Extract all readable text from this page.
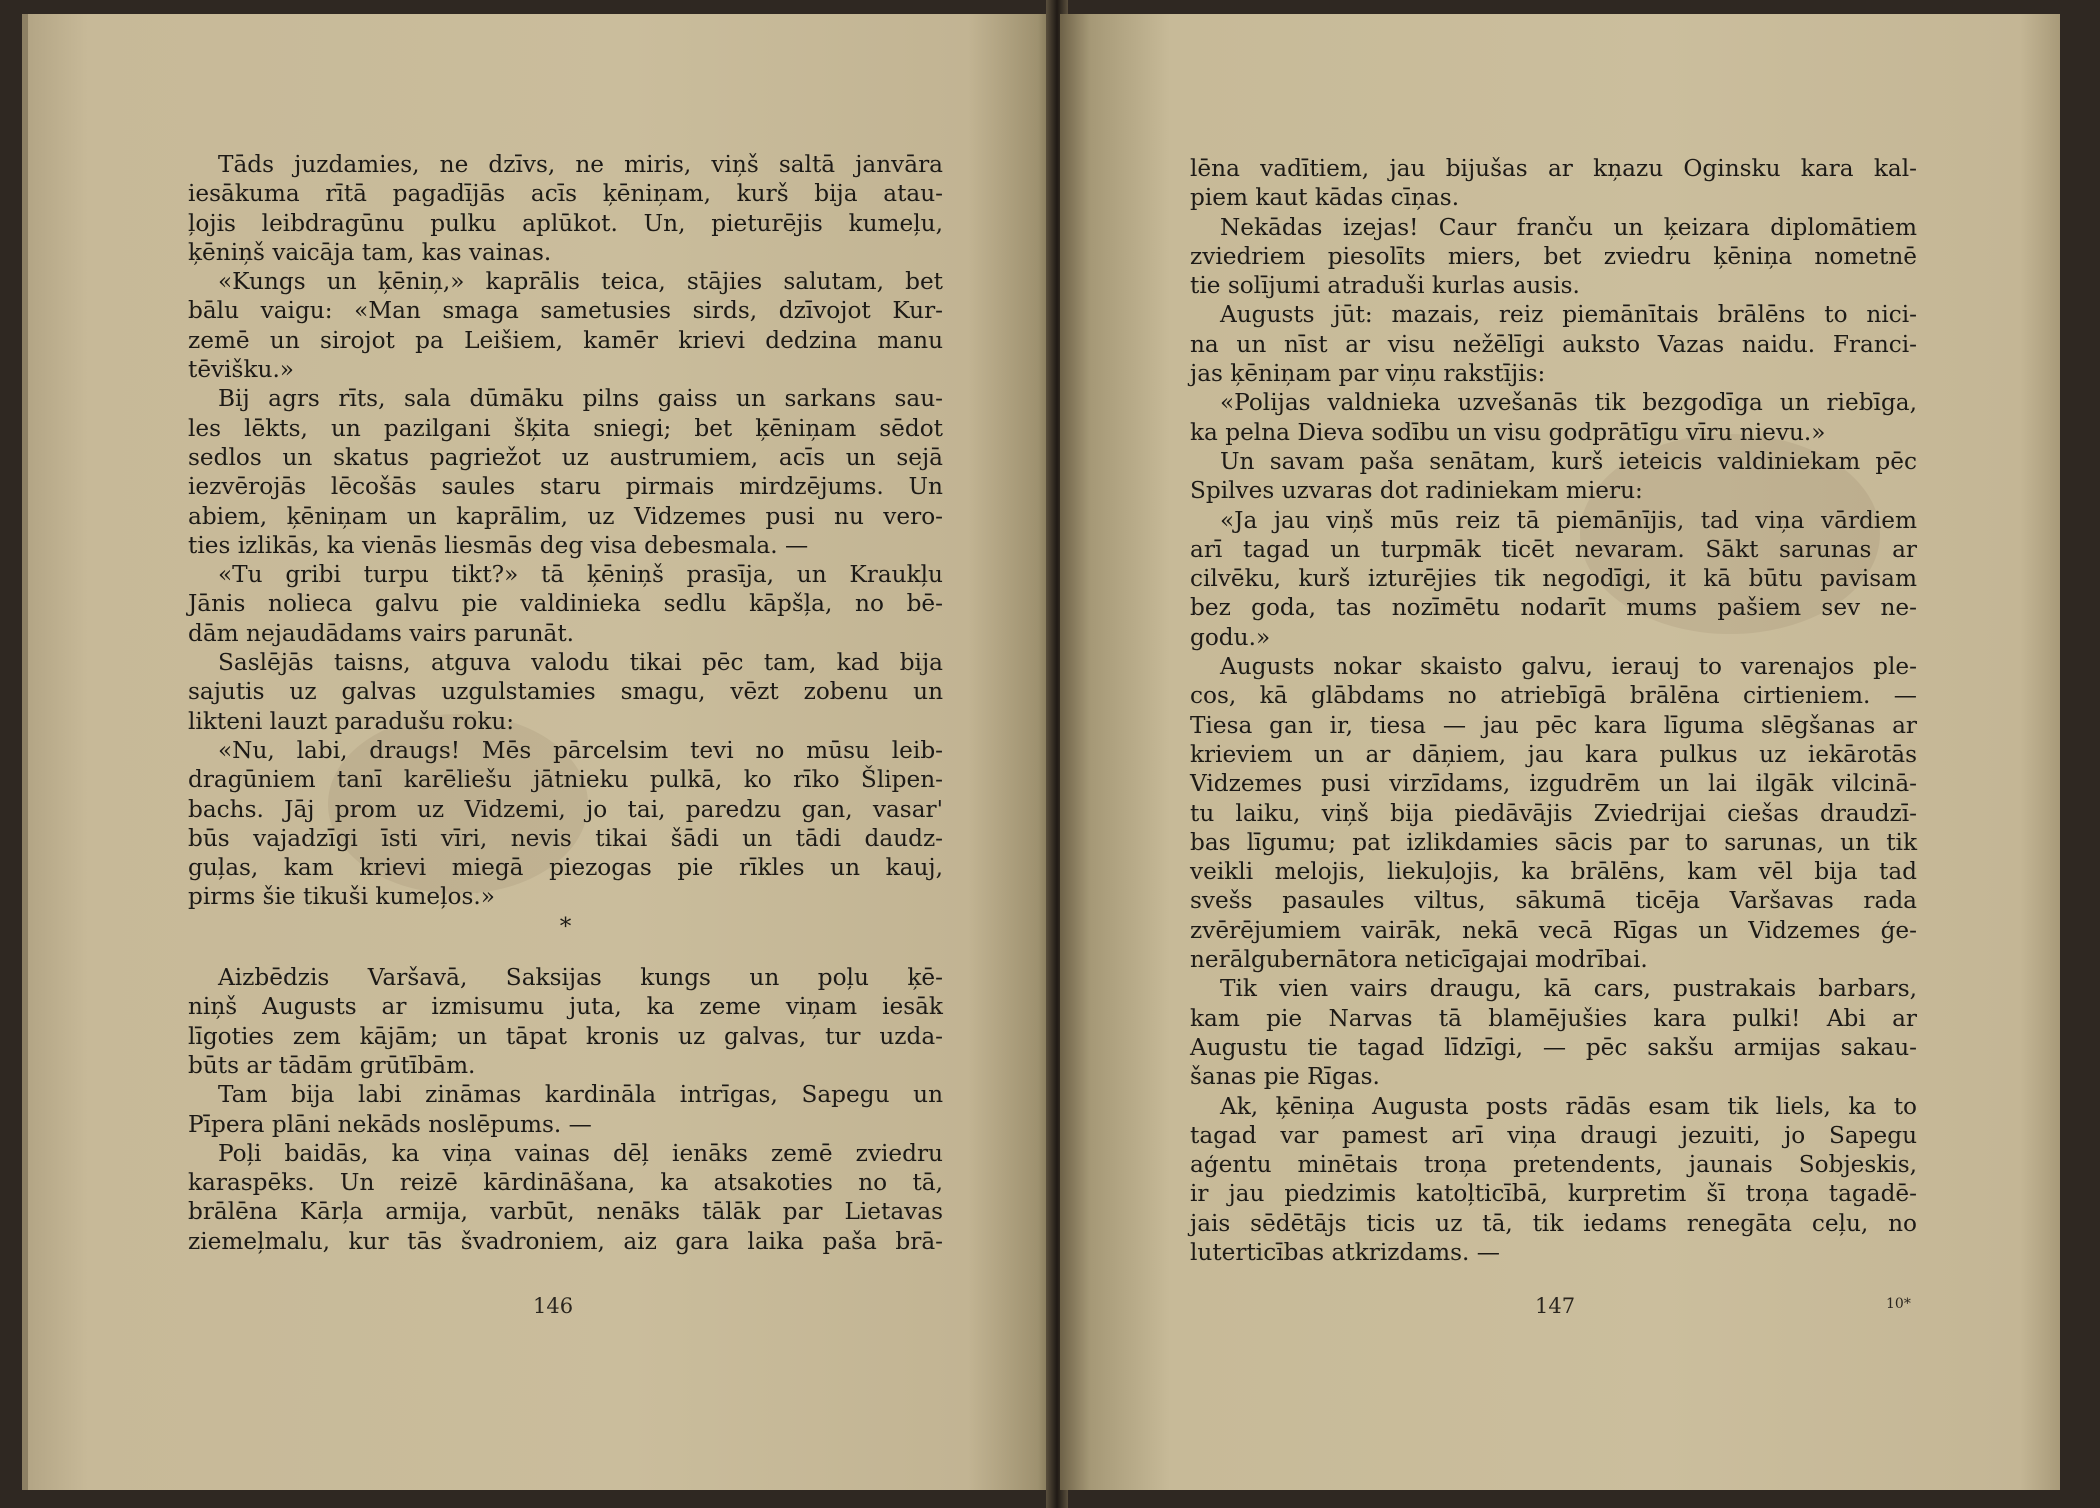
Tāds juzdamies, ne dzīvs, ne miris, viņš saltā janvāra
iesākuma rītā pagadījās acīs ķēniņam, kurš bija atau-
ļojis leibdragūnu pulku aplūkot. Un, pieturējis kumeļu,
ķēniņš vaicāja tam, kas vainas.
«Kungs un ķēniņ,» kaprālis teica, stājies salutam, bet
bālu vaigu: «Man smaga sametusies sirds, dzīvojot Kur-
zemē un sirojot pa Leišiem, kamēr krievi dedzina manu
tēvišku.»
Bij agrs rīts, sala dūmāku pilns gaiss un sarkans sau-
les lēkts, un pazilgani šķita sniegi; bet ķēniņam sēdot
sedlos un skatus pagriežot uz austrumiem, acīs un sejā
iezvērojās lēcošās saules staru pirmais mirdzējums. Un
abiem, ķēniņam un kaprālim, uz Vidzemes pusi nu vero-
ties izlikās, ka vienās liesmās deg visa debesmala. —
«Tu gribi turpu tikt?» tā ķēniņš prasīja, un Kraukļu
Jānis nolieca galvu pie valdinieka sedlu kāpšļa, no bē-
dām nejaudādams vairs parunāt.
Saslējās taisns, atguva valodu tikai pēc tam, kad bija
sajutis uz galvas uzgulstamies smagu, vēzt zobenu un
likteni lauzt paradušu roku:
«Nu, labi, draugs! Mēs pārcelsim tevi no mūsu leib-
dragūniem tanī karēliešu jātnieku pulkā, ko rīko Šlipen-
bachs. Jāj prom uz Vidzemi, jo tai, paredzu gan, vasar'
būs vajadzīgi īsti vīri, nevis tikai šādi un tādi daudz-
guļas, kam krievi miegā piezogas pie rīkles un kauj,
pirms šie tikuši kumeļos.»
*
Aizbēdzis Varšavā, Saksijas kungs un poļu ķē-
niņš Augusts ar izmisumu juta, ka zeme viņam iesāk
līgoties zem kājām; un tāpat kronis uz galvas, tur uzda-
būts ar tādām grūtībām.
Tam bija labi zināmas kardināla intrīgas, Sapegu un
Pīpera plāni nekāds noslēpums. —
Poļi baidās, ka viņa vainas dēļ ienāks zemē zviedru
karaspēks. Un reizē kārdināšana, ka atsakoties no tā,
brālēna Kārļa armija, varbūt, nenāks tālāk par Lietavas
ziemeļmalu, kur tās švadroniem, aiz gara laika paša brā-
146
lēna vadītiem, jau bijušas ar kņazu Oginsku kara kal-
piem kaut kādas cīņas.
Nekādas izejas! Caur franču un ķeizara diplomātiem
zviedriem piesolīts miers, bet zviedru ķēniņa nometnē
tie solījumi atraduši kurlas ausis.
Augusts jūt: mazais, reiz piemānītais brālēns to nici-
na un nīst ar visu nežēlīgi auksto Vazas naidu. Franci-
jas ķēniņam par viņu rakstījis:
«Polijas valdnieka uzvešanās tik bezgodīga un riebīga,
ka pelna Dieva sodību un visu godprātīgu vīru nievu.»
Un savam paša senātam, kurš ieteicis valdiniekam pēc
Spilves uzvaras dot radiniekam mieru:
«Ja jau viņš mūs reiz tā piemānījis, tad viņa vārdiem
arī tagad un turpmāk ticēt nevaram. Sākt sarunas ar
cilvēku, kurš izturējies tik negodīgi, it kā būtu pavisam
bez goda, tas nozīmētu nodarīt mums pašiem sev ne-
godu.»
Augusts nokar skaisto galvu, ierauj to varenajos ple-
cos, kā glābdams no atriebīgā brālēna cirtieniem. —
Tiesa gan ir, tiesa — jau pēc kara līguma slēgšanas ar
krieviem un ar dāņiem, jau kara pulkus uz iekārotās
Vidzemes pusi virzīdams, izgudrēm un lai ilgāk vilcinā-
tu laiku, viņš bija piedāvājis Zviedrijai ciešas draudzī-
bas līgumu; pat izlikdamies sācis par to sarunas, un tik
veikli melojis, liekuļojis, ka brālēns, kam vēl bija tad
svešs pasaules viltus, sākumā ticēja Varšavas rada
zvērējumiem vairāk, nekā vecā Rīgas un Vidzemes ģe-
nerālgubernātora neticīgajai modrībai.
Tik vien vairs draugu, kā cars, pustrakais barbars,
kam pie Narvas tā blamējušies kara pulki! Abi ar
Augustu tie tagad līdzīgi, — pēc sakšu armijas sakau-
šanas pie Rīgas.
Ak, ķēniņa Augusta posts rādās esam tik liels, ka to
tagad var pamest arī viņa draugi jezuiti, jo Sapegu
aģentu minētais troņa pretendents, jaunais Sobjeskis,
ir jau piedzimis katoļticībā, kurpretim šī troņa tagadē-
jais sēdētājs ticis uz tā, tik iedams renegāta ceļu, no
luterticības atkrizdams. —
147	10*
